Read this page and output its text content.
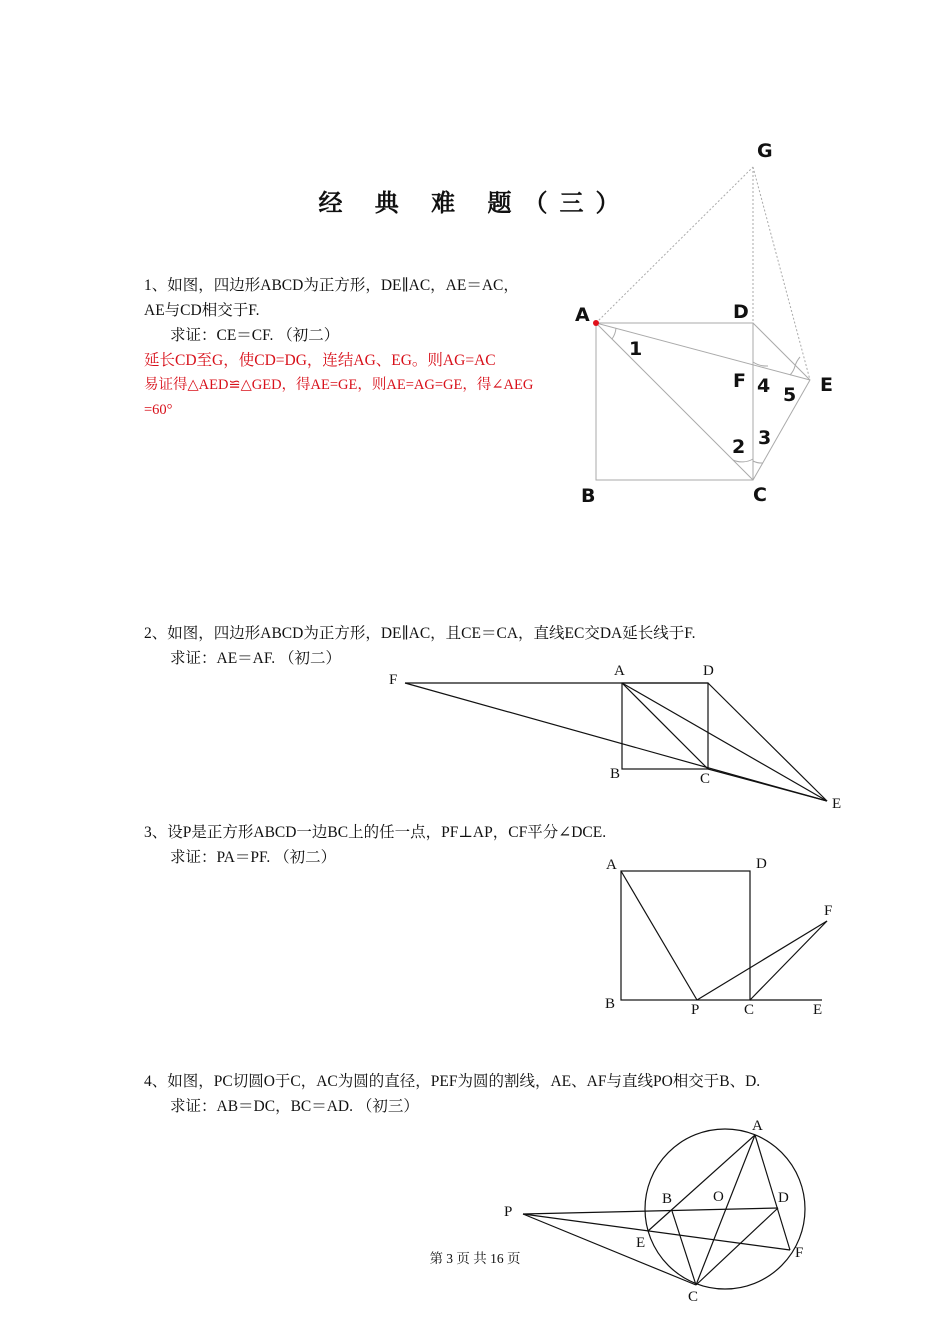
经 典 难 题（三）
1、如图，四边形ABCD为正方形，DE∥AC，AE＝AC，
AE与CD相交于F.
求证：CE＝CF. （初二）
延长CD至G，使CD=DG，连结AG、EG。则AG=AC
易证得△AED≌△GED，得AE=GE，则AE=AG=GE，得∠AEG
=60°
2、如图，四边形ABCD为正方形，DE∥AC，且CE＝CA，直线EC交DA延长线于F.
求证：AE＝AF. （初二）
3、设P是正方形ABCD一边BC上的任一点，PF⊥AP，CF平分∠DCE.
求证：PA＝PF. （初二）
4、如图，PC切圆O于C，AC为圆的直径，PEF为圆的割线，AE、AF与直线PO相交于B、D.
求证：AB＝DC，BC＝AD. （初三）
G
A	D
E
F
B	C
1
2 3
4 5
F
A	D
B	C
E
A	D
F
B	P	C	E
A
B	O	D
P
E
F
C
第 3 页 共 16 页
